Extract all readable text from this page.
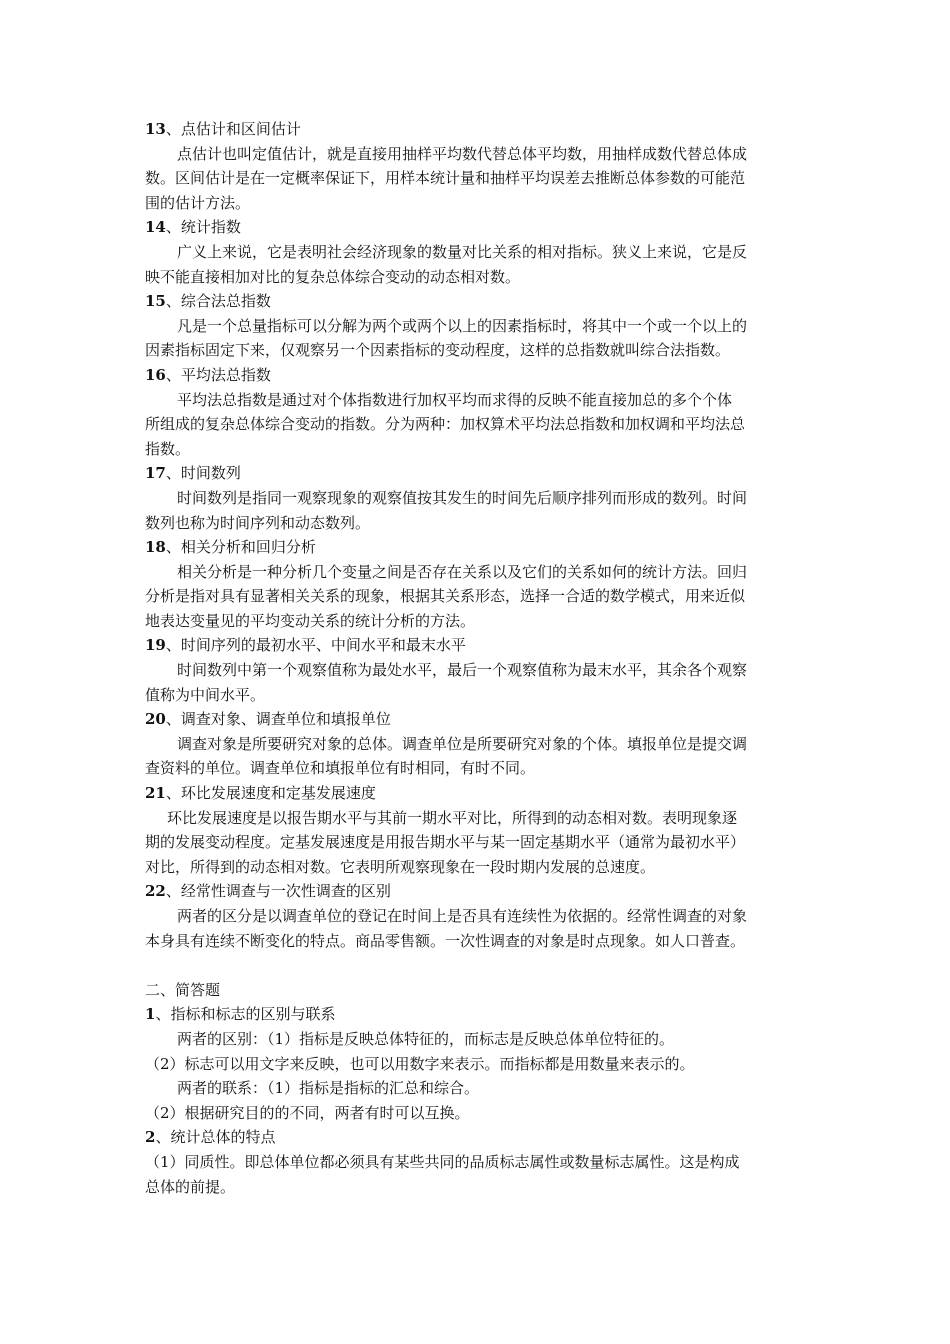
13、点估计和区间估计
点估计也叫定值估计，就是直接用抽样平均数代替总体平均数，用抽样成数代替总体成
数。区间估计是在一定概率保证下，用样本统计量和抽样平均误差去推断总体参数的可能范
围的估计方法。
14、统计指数
广义上来说，它是表明社会经济现象的数量对比关系的相对指标。狭义上来说，它是反
映不能直接相加对比的复杂总体综合变动的动态相对数。
15、综合法总指数
凡是一个总量指标可以分解为两个或两个以上的因素指标时，将其中一个或一个以上的
因素指标固定下来，仅观察另一个因素指标的变动程度，这样的总指数就叫综合法指数。
16、平均法总指数
平均法总指数是通过对个体指数进行加权平均而求得的反映不能直接加总的多个个体
所组成的复杂总体综合变动的指数。分为两种：加权算术平均法总指数和加权调和平均法总
指数。
17、时间数列
时间数列是指同一观察现象的观察值按其发生的时间先后顺序排列而形成的数列。时间
数列也称为时间序列和动态数列。
18、相关分析和回归分析
相关分析是一种分析几个变量之间是否存在关系以及它们的关系如何的统计方法。回归
分析是指对具有显著相关关系的现象，根据其关系形态，选择一合适的数学模式，用来近似
地表达变量见的平均变动关系的统计分析的方法。
19、时间序列的最初水平、中间水平和最末水平
时间数列中第一个观察值称为最处水平，最后一个观察值称为最末水平，其余各个观察
值称为中间水平。
20、调查对象、调查单位和填报单位
调查对象是所要研究对象的总体。调查单位是所要研究对象的个体。填报单位是提交调
查资料的单位。调查单位和填报单位有时相同，有时不同。
21、环比发展速度和定基发展速度
环比发展速度是以报告期水平与其前一期水平对比，所得到的动态相对数。表明现象逐
期的发展变动程度。定基发展速度是用报告期水平与某一固定基期水平（通常为最初水平）
对比，所得到的动态相对数。它表明所观察现象在一段时期内发展的总速度。
22、经常性调查与一次性调查的区别
两者的区分是以调查单位的登记在时间上是否具有连续性为依据的。经常性调查的对象
本身具有连续不断变化的特点。商品零售额。一次性调查的对象是时点现象。如人口普查。
二、简答题
1、指标和标志的区别与联系
两者的区别：（1）指标是反映总体特征的，而标志是反映总体单位特征的。
（2）标志可以用文字来反映，也可以用数字来表示。而指标都是用数量来表示的。
两者的联系：（1）指标是指标的汇总和综合。
（2）根据研究目的的不同，两者有时可以互换。
2、统计总体的特点
（1）同质性。即总体单位都必须具有某些共同的品质标志属性或数量标志属性。这是构成
总体的前提。
